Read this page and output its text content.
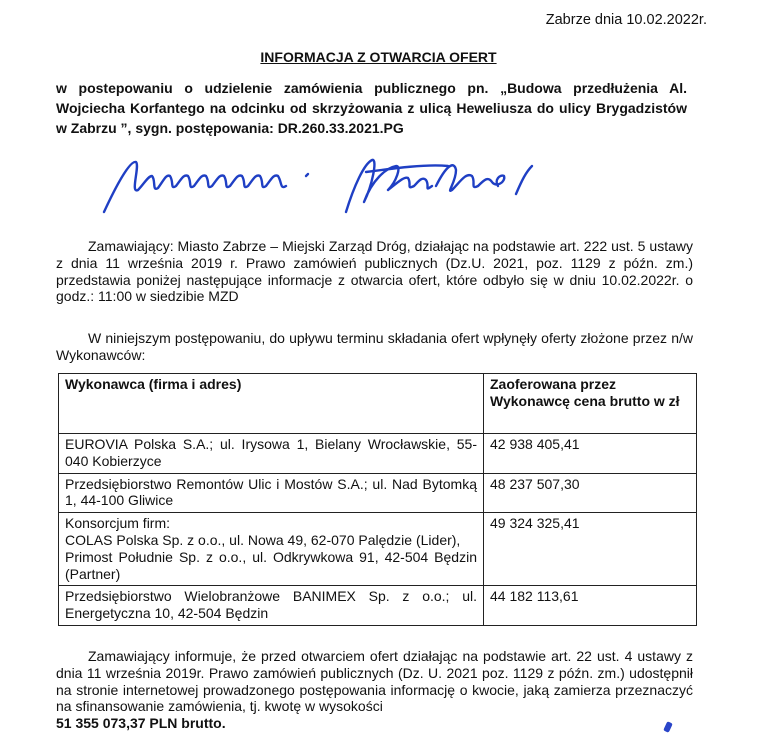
Zabrze dnia 10.02.2022r.
INFORMACJA Z OTWARCIA OFERT
w postepowaniu o udzielenie zamówienia publicznego pn. „Budowa przedłużenia Al. Wojciecha Korfantego na odcinku od skrzyżowania z ulicą Heweliusza do ulicy Brygadzistów w Zabrzu ”, sygn. postępowania: DR.260.33.2021.PG
Zamawiający: Miasto Zabrze – Miejski Zarząd Dróg, działając na podstawie art. 222 ust. 5 ustawy z dnia 11 września 2019 r. Prawo zamówień publicznych (Dz.U. 2021, poz. 1129 z późn. zm.) przedstawia poniżej następujące informacje z otwarcia ofert, które odbyło się w dniu 10.02.2022r. o godz.: 11:00 w siedzibie MZD
W niniejszym postępowaniu, do upływu terminu składania ofert wpłynęły oferty złożone przez n/w Wykonawców:
Wykonawca (firma i adres)	Zaoferowana przez Wykonawcę cena brutto w zł
EUROVIA Polska S.A.; ul. Irysowa 1, Bielany Wrocławskie, 55-040 Kobierzyce	42 938 405,41
Przedsiębiorstwo Remontów Ulic i Mostów S.A.; ul. Nad Bytomką 1, 44-100 Gliwice	48 237 507,30
Konsorcjum firm:
COLAS Polska Sp. z o.o., ul. Nowa 49, 62-070 Palędzie (Lider),
Primost Południe Sp. z o.o., ul. Odkrywkowa 91, 42-504 Będzin (Partner)	49 324 325,41
Przedsiębiorstwo Wielobranżowe BANIMEX Sp. z o.o.; ul. Energetyczna 10, 42-504 Będzin	44 182 113,61
Zamawiający informuje, że przed otwarciem ofert działając na podstawie art. 22 ust. 4 ustawy z dnia 11 września 2019r. Prawo zamówień publicznych (Dz. U. 2021 poz. 1129 z późn. zm.) udostępnił na stronie internetowej prowadzonego postępowania informację o kwocie, jaką zamierza przeznaczyć na sfinansowanie zamówienia, tj. kwotę w wysokości
51 355 073,37 PLN brutto.
